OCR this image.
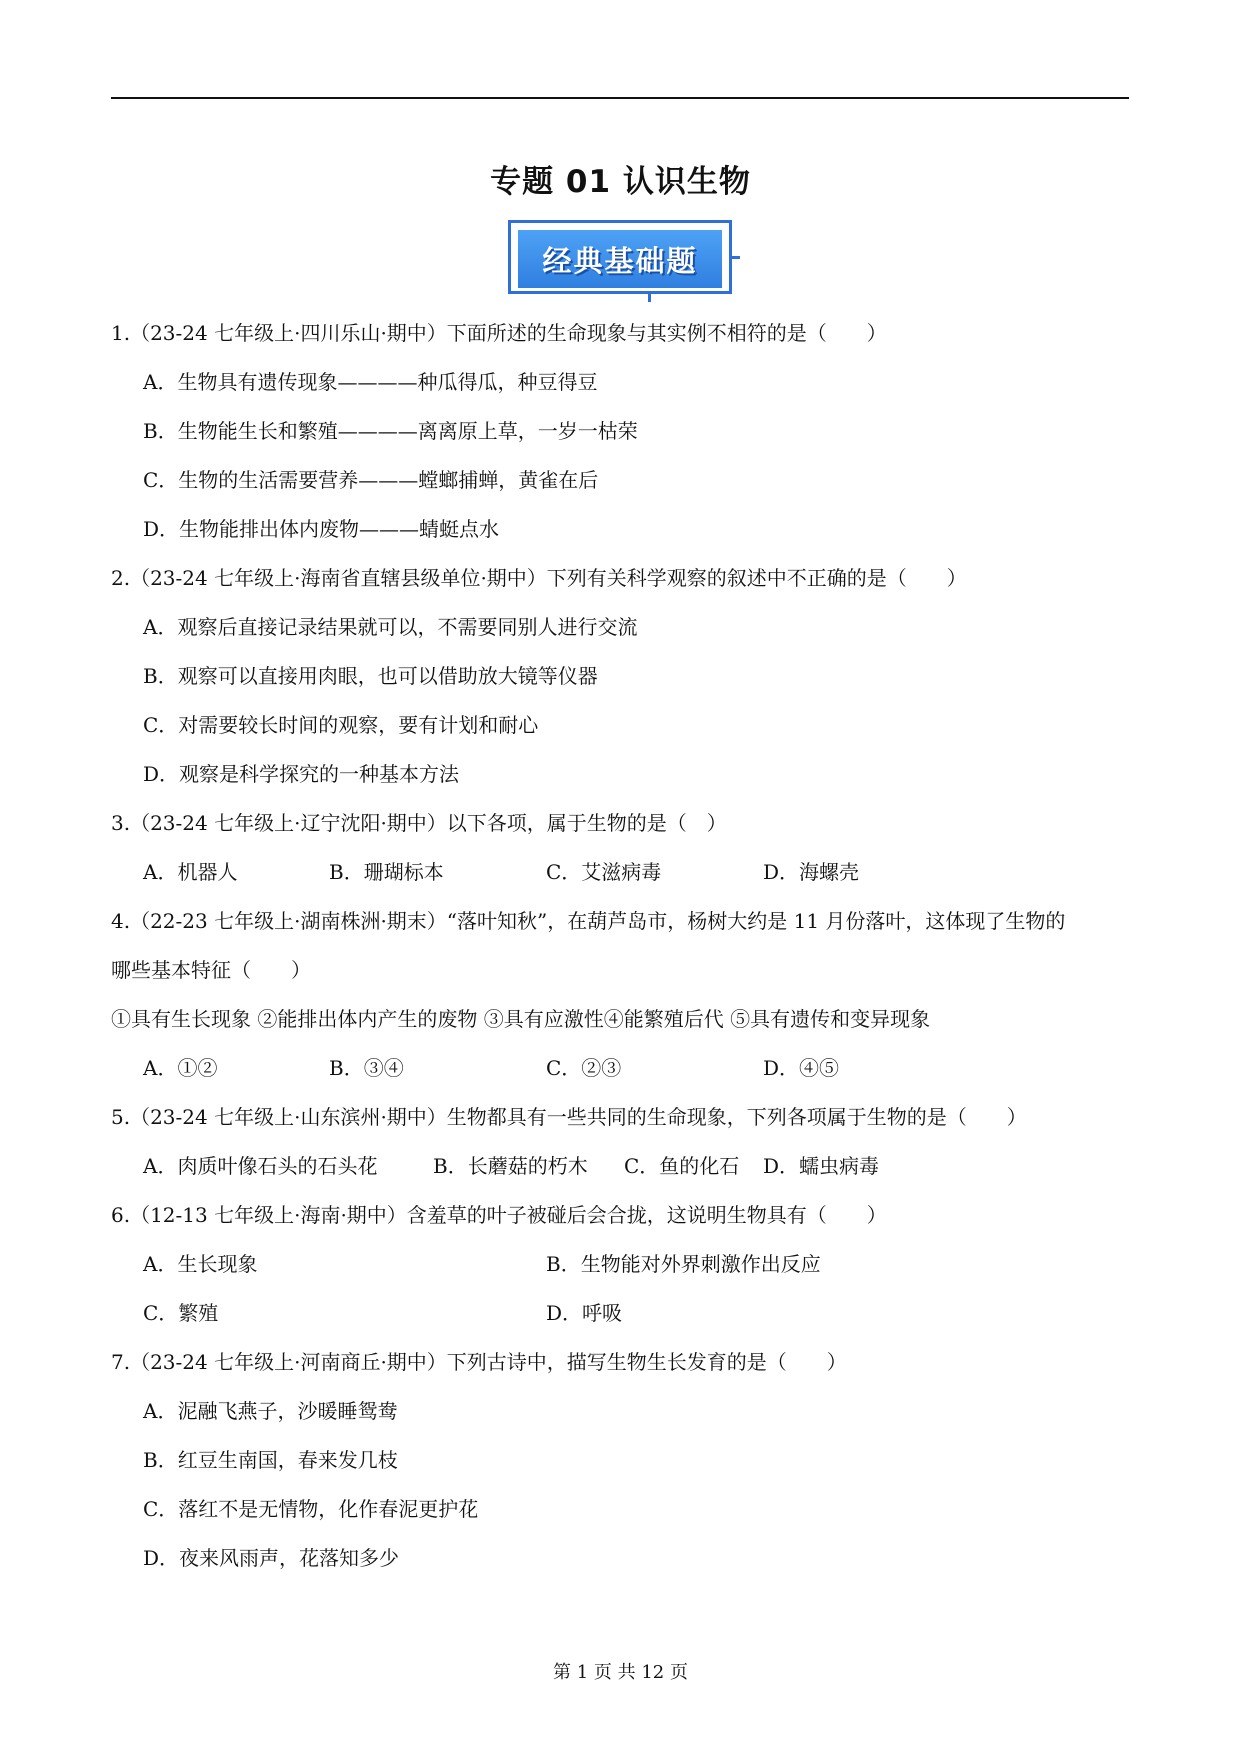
专题 01 认识生物
经典基础题
1.（23-24 七年级上·四川乐山·期中）下面所述的生命现象与其实例不相符的是（　　）
A．生物具有遗传现象————种瓜得瓜，种豆得豆
B．生物能生长和繁殖————离离原上草，一岁一枯荣
C．生物的生活需要营养———螳螂捕蝉，黄雀在后
D．生物能排出体内废物———蜻蜓点水
2.（23-24 七年级上·海南省直辖县级单位·期中）下列有关科学观察的叙述中不正确的是（　　）
A．观察后直接记录结果就可以，不需要同别人进行交流
B．观察可以直接用肉眼，也可以借助放大镜等仪器
C．对需要较长时间的观察，要有计划和耐心
D．观察是科学探究的一种基本方法
3.（23-24 七年级上·辽宁沈阳·期中）以下各项，属于生物的是（　）
A．机器人	B．珊瑚标本	C．艾滋病毒	D．海螺壳
4.（22-23 七年级上·湖南株洲·期末）“落叶知秋”，在葫芦岛市，杨树大约是 11 月份落叶，这体现了生物的
哪些基本特征（　　）
①具有生长现象 ②能排出体内产生的废物 ③具有应激性④能繁殖后代 ⑤具有遗传和变异现象
A．①②	B．③④	C．②③	D．④⑤
5.（23-24 七年级上·山东滨州·期中）生物都具有一些共同的生命现象，下列各项属于生物的是（　　）
A．肉质叶像石头的石头花	B．长蘑菇的朽木 C．鱼的化石 D．蠕虫病毒
6.（12-13 七年级上·海南·期中）含羞草的叶子被碰后会合拢，这说明生物具有（　　）
A．生长现象	B．生物能对外界刺激作出反应
C．繁殖	D．呼吸
7.（23-24 七年级上·河南商丘·期中）下列古诗中，描写生物生长发育的是（　　）
A．泥融飞燕子，沙暖睡鸳鸯
B．红豆生南国，春来发几枝
C．落红不是无情物，化作春泥更护花
D．夜来风雨声，花落知多少
第 1 页 共 12 页
